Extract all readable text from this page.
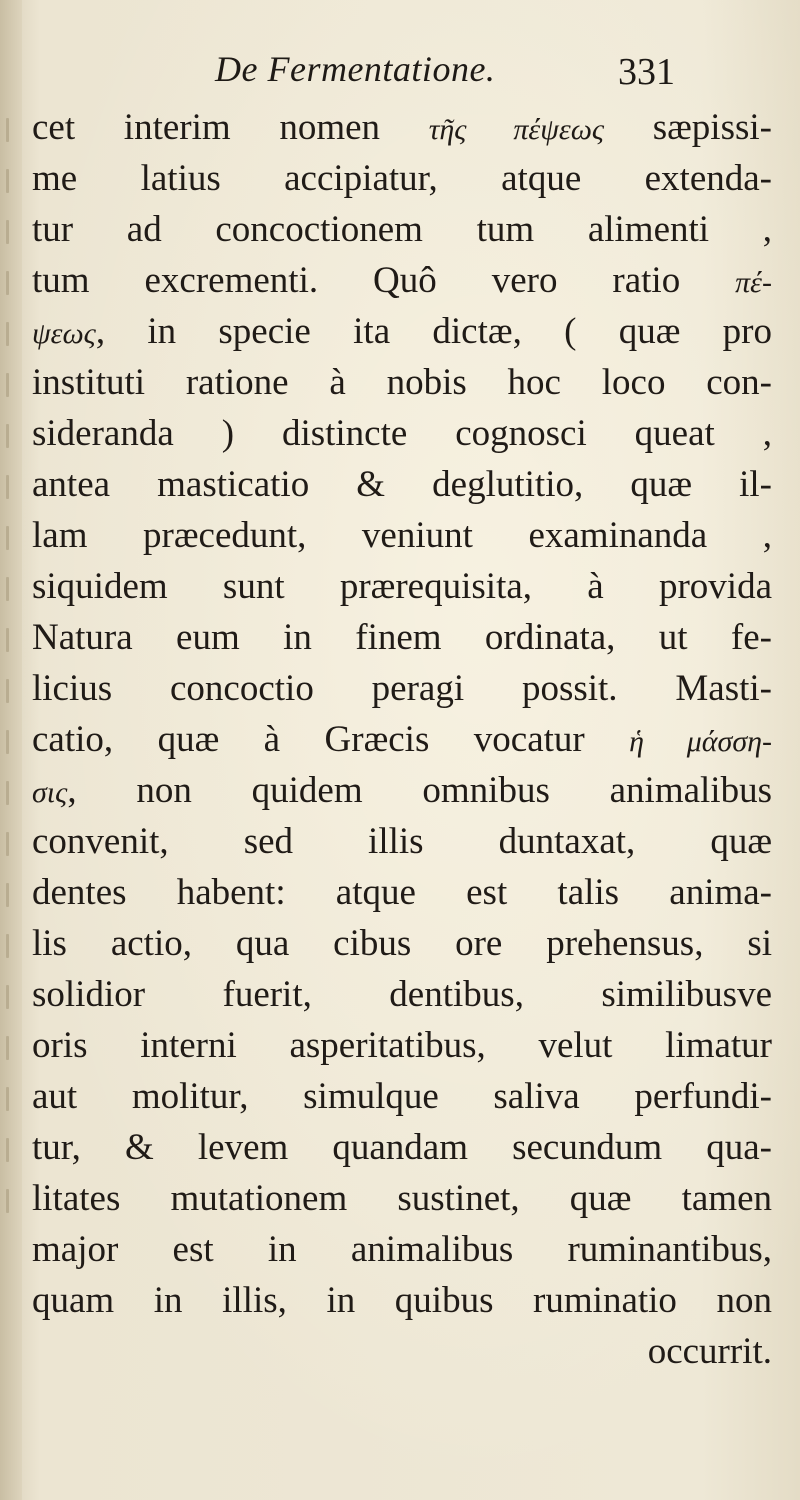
De Fermentatione.	331
cet interim nomen τῆς πέψεως sæpissi-
me latius accipiatur, atque extenda-
tur ad concoctionem tum alimenti ,
tum excrementi. Quô vero ratio πέ-
ψεως, in specie ita dictæ, ( quæ pro
instituti ratione à nobis hoc loco con-
sideranda ) distincte cognosci queat ,
antea masticatio & deglutitio, quæ il-
lam præcedunt, veniunt examinanda ,
siquidem sunt prærequisita, à provida
Natura eum in finem ordinata, ut fe-
licius concoctio peragi possit. Masti-
catio, quæ à Græcis vocatur ἡ μάσση-
σις, non quidem omnibus animalibus
convenit, sed illis duntaxat, quæ
dentes habent: atque est talis anima-
lis actio, qua cibus ore prehensus, si
solidior fuerit, dentibus, similibusve
oris interni asperitatibus, velut limatur
aut molitur, simulque saliva perfundi-
tur, & levem quandam secundum qua-
litates mutationem sustinet, quæ tamen
major est in animalibus ruminantibus,
quam in illis, in quibus ruminatio non
occurrit.
